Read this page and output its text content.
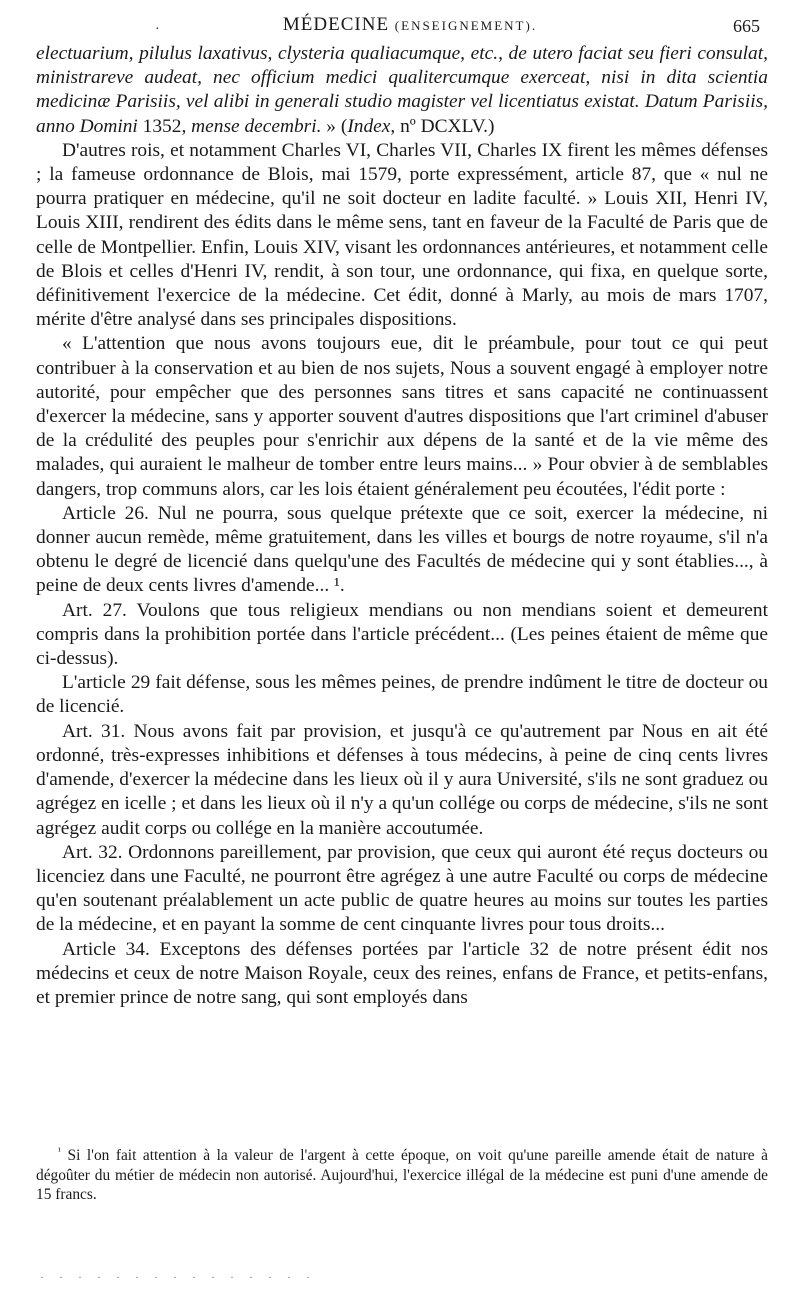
·	MÉDECINE (ENSEIGNEMENT).	665

electuarium, pilulus laxativus, clysteria qualiacumque, etc., de utero faciat seu fieri consulat, ministrareve audeat, nec officium medici qualitercumque exerceat, nisi in dita scientia medicinæ Parisiis, vel alibi in generali studio magister vel licentiatus existat. Datum Parisiis, anno Domini 1352, mense decembri. » (Index, nº DCXLV.)

D'autres rois, et notamment Charles VI, Charles VII, Charles IX firent les mêmes défenses ; la fameuse ordonnance de Blois, mai 1579, porte expressément, article 87, que « nul ne pourra pratiquer en médecine, qu'il ne soit docteur en ladite faculté. » Louis XII, Henri IV, Louis XIII, rendirent des édits dans le même sens, tant en faveur de la Faculté de Paris que de celle de Montpellier. Enfin, Louis XIV, visant les ordonnances antérieures, et notamment celle de Blois et celles d'Henri IV, rendit, à son tour, une ordonnance, qui fixa, en quelque sorte, définitivement l'exercice de la médecine. Cet édit, donné à Marly, au mois de mars 1707, mérite d'être analysé dans ses principales dispositions.

« L'attention que nous avons toujours eue, dit le préambule, pour tout ce qui peut contribuer à la conservation et au bien de nos sujets, Nous a souvent engagé à employer notre autorité, pour empêcher que des personnes sans titres et sans capacité ne continuassent d'exercer la médecine, sans y apporter souvent d'autres dispositions que l'art criminel d'abuser de la crédulité des peuples pour s'enrichir aux dépens de la santé et de la vie même des malades, qui auraient le malheur de tomber entre leurs mains... » Pour obvier à de semblables dangers, trop communs alors, car les lois étaient généralement peu écoutées, l'édit porte :

Article 26. Nul ne pourra, sous quelque prétexte que ce soit, exercer la médecine, ni donner aucun remède, même gratuitement, dans les villes et bourgs de notre royaume, s'il n'a obtenu le degré de licencié dans quelqu'une des Facultés de médecine qui y sont établies..., à peine de deux cents livres d'amende... ¹.

Art. 27. Voulons que tous religieux mendians ou non mendians soient et demeurent compris dans la prohibition portée dans l'article précédent... (Les peines étaient de même que ci-dessus).

L'article 29 fait défense, sous les mêmes peines, de prendre indûment le titre de docteur ou de licencié.

Art. 31. Nous avons fait par provision, et jusqu'à ce qu'autrement par Nous en ait été ordonné, très-expresses inhibitions et défenses à tous médecins, à peine de cinq cents livres d'amende, d'exercer la médecine dans les lieux où il y aura Université, s'ils ne sont graduez ou agrégez en icelle ; et dans les lieux où il n'y a qu'un collége ou corps de médecine, s'ils ne sont agrégez audit corps ou collége en la manière accoutumée.

Art. 32. Ordonnons pareillement, par provision, que ceux qui auront été reçus docteurs ou licenciez dans une Faculté, ne pourront être agrégez à une autre Faculté ou corps de médecine qu'en soutenant préalablement un acte public de quatre heures au moins sur toutes les parties de la médecine, et en payant la somme de cent cinquante livres pour tous droits...

Article 34. Exceptons des défenses portées par l'article 32 de notre présent édit nos médecins et ceux de notre Maison Royale, ceux des reines, enfans de France, et petits-enfans, et premier prince de notre sang, qui sont employés dans

$^{^1}$ Si l'on fait attention à la valeur de l'argent à cette époque, on voit qu'une pareille amende était de nature à dégoûter du métier de médecin non autorisé. Aujourd'hui, l'exercice illégal de la médecine est puni d'une amende de 15 francs.

· · · · · · · · · · · · · · ·
